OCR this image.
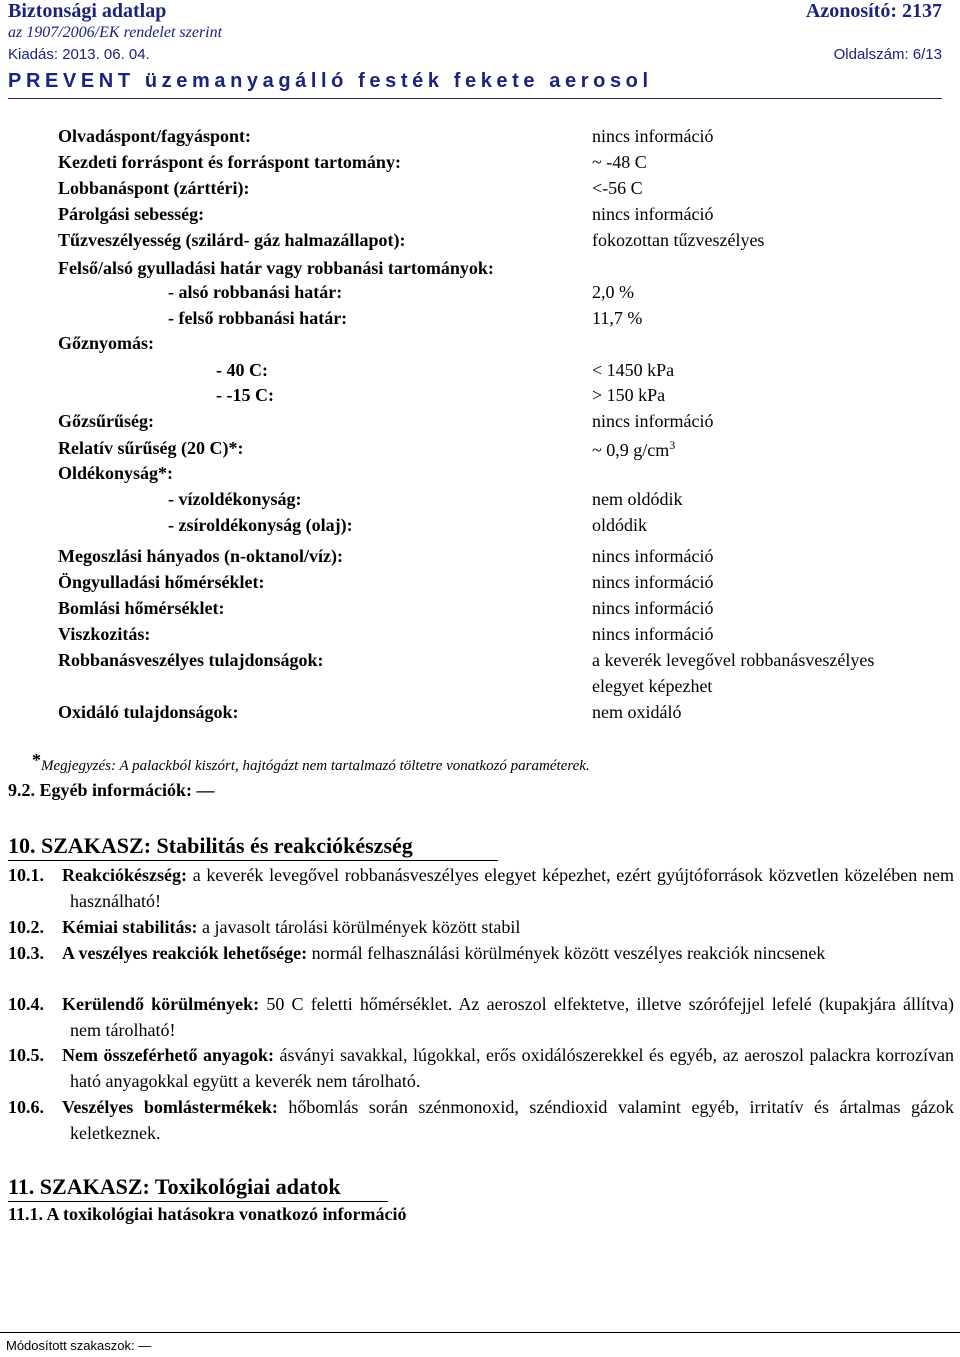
Biztonsági adatlap	Azonosító: 2137
az 1907/2006/EK rendelet szerint
Kiadás: 2013. 06. 04.	Oldalszám: 6/13
PREVENT üzemanyagálló festék fekete aerosol
Olvadáspont/fagyáspont:	nincs információ
Kezdeti forráspont és forráspont tartomány:	~ -48 C
Lobbanáspont (zárttéri):	<-56 C
Párolgási sebesség:	nincs információ
Tűzveszélyesség (szilárd- gáz halmazállapot):	fokozottan tűzveszélyes
Felső/alsó gyulladási határ vagy robbanási tartományok:
- alsó robbanási határ:	2,0 %
- felső robbanási határ:	11,7 %
Gőznyomás:
- 40 C:	< 1450 kPa
- -15 C:	> 150 kPa
Gőzsűrűség:	nincs információ
Relatív sűrűség (20 C)*:	~ 0,9 $g/cm^3$
Oldékonyság*:
- vízoldékonyság:	nem oldódik
- zsíroldékonyság (olaj):	oldódik
Megoszlási hányados (n-oktanol/víz):	nincs információ
Öngyulladási hőmérséklet:	nincs információ
Bomlási hőmérséklet:	nincs információ
Viszkozitás:	nincs információ
Robbanásveszélyes tulajdonságok:	a keverék levegővel robbanásveszélyes
elegyet képezhet
Oxidáló tulajdonságok:	nem oxidáló
*Megjegyzés: A palackból kiszórt, hajtógázt nem tartalmazó töltetre vonatkozó paraméterek.
9.2. Egyéb információk: —
10. SZAKASZ: Stabilitás és reakciókészség
10.1. Reakciókészség: a keverék levegővel robbanásveszélyes elegyet képezhet, ezért gyújtóforrások közvetlen közelében nem használható!
10.2. Kémiai stabilitás: a javasolt tárolási körülmények között stabil
10.3. A veszélyes reakciók lehetősége: normál felhasználási körülmények között veszélyes reakciók nincsenek
10.4. Kerülendő körülmények: 50 C feletti hőmérséklet. Az aeroszol elfektetve, illetve szórófejjel lefelé (kupakjára állítva) nem tárolható!
10.5. Nem összeférhető anyagok: ásványi savakkal, lúgokkal, erős oxidálószerekkel és egyéb, az aeroszol palackra korrozívan ható anyagokkal együtt a keverék nem tárolható.
10.6. Veszélyes bomlástermékek: hőbomlás során szénmonoxid, széndioxid valamint egyéb, irritatív és ártalmas gázok keletkeznek.
11. SZAKASZ: Toxikológiai adatok
11.1. A toxikológiai hatásokra vonatkozó információ
Módosított szakaszok: —
